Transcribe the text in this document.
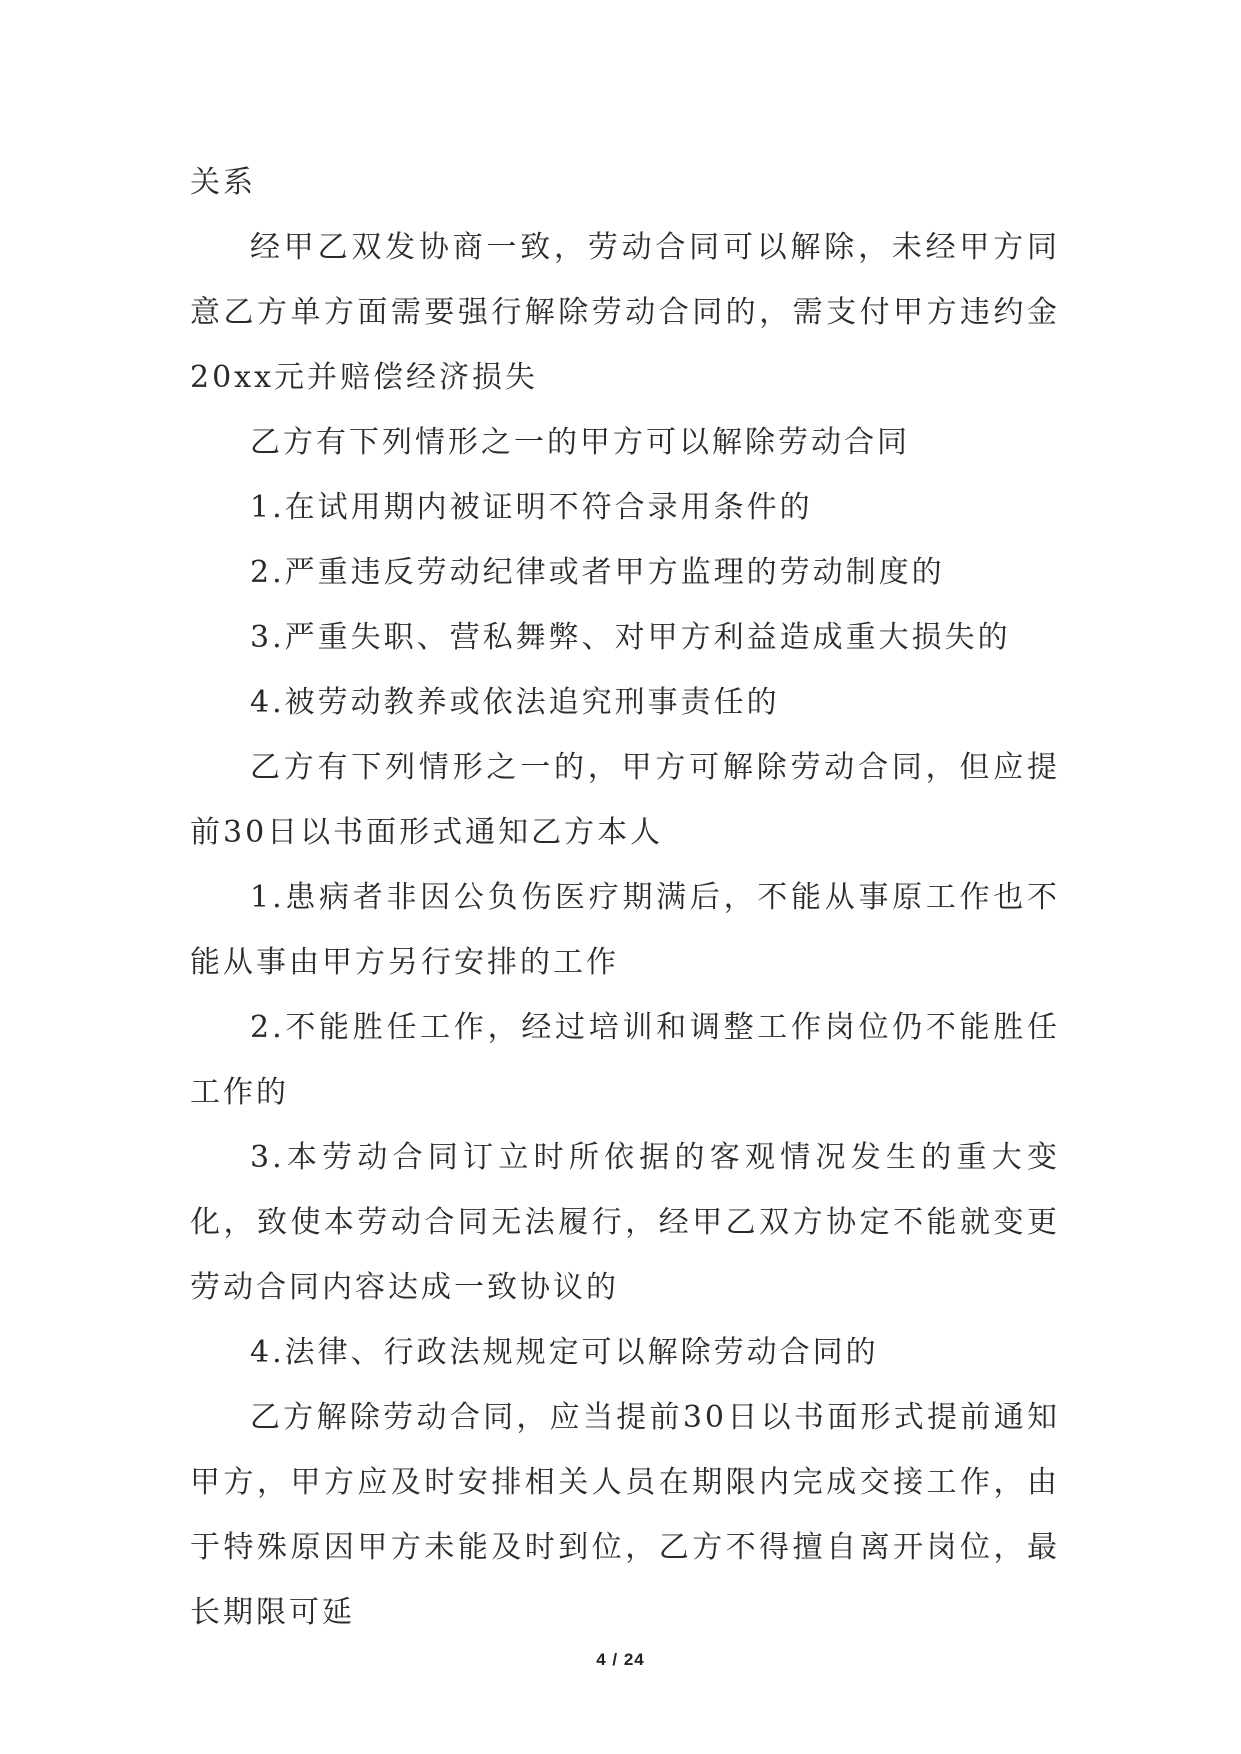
关系

经甲乙双发协商一致，劳动合同可以解除，未经甲方同意乙方单方面需要强行解除劳动合同的，需支付甲方违约金20xx元并赔偿经济损失

乙方有下列情形之一的甲方可以解除劳动合同

1.在试用期内被证明不符合录用条件的

2.严重违反劳动纪律或者甲方监理的劳动制度的

3.严重失职、营私舞弊、对甲方利益造成重大损失的

4.被劳动教养或依法追究刑事责任的

乙方有下列情形之一的，甲方可解除劳动合同，但应提前30日以书面形式通知乙方本人

1.患病者非因公负伤医疗期满后，不能从事原工作也不能从事由甲方另行安排的工作

2.不能胜任工作，经过培训和调整工作岗位仍不能胜任工作的

3.本劳动合同订立时所依据的客观情况发生的重大变化，致使本劳动合同无法履行，经甲乙双方协定不能就变更劳动合同内容达成一致协议的

4.法律、行政法规规定可以解除劳动合同的

乙方解除劳动合同，应当提前30日以书面形式提前通知甲方，甲方应及时安排相关人员在期限内完成交接工作，由于特殊原因甲方未能及时到位，乙方不得擅自离开岗位，最长期限可延

4 / 24
